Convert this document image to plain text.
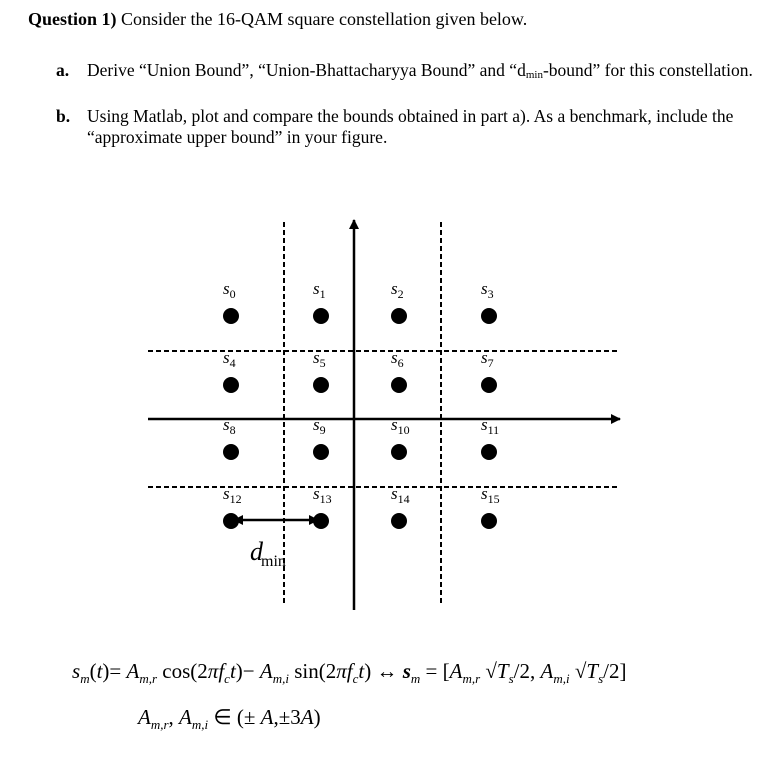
Question 1) Consider the 16-QAM square constellation given below.
a. Derive “Union Bound”, “Union-Bhattacharyya Bound” and “dmin-bound” for this constellation.
b. Using Matlab, plot and compare the bounds obtained in part a). As a benchmark, include the “approximate upper bound” in your figure.
dmin
$s_0$	$s_1$	$s_2$	$s_3$
$s_4$	$s_5$	$s_6$	$s_7$
$s_8$	$s_9$	$s_{10}$	$s_{11}$
$s_{12}$	$s_{13}$	$s_{14}$	$s_{15}$
$s_m(t)= A_{m,r}$ $\cos(2\pi f_ct)- A_{m,i}$ $\sin(2\pi f_ct)$ ↔ $s_m = [A_{m,r}$ $√T_s/2$, $A_{m,i}$ $√T_s/2$]
$A_{m,r}$, $A_{m,i}$ ∈ (± A,±3A)
